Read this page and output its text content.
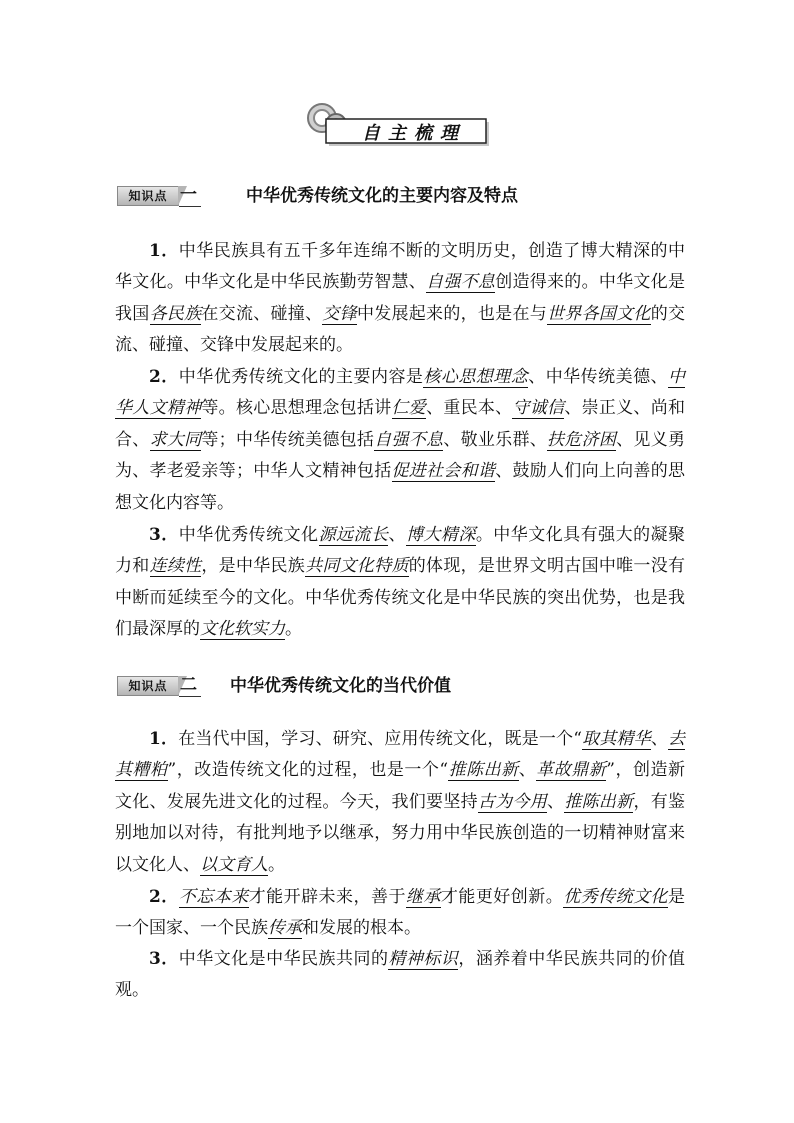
自主梳理
知识点 一	中华优秀传统文化的主要内容及特点

1．中华民族具有五千多年连绵不断的文明历史，创造了博大精深的中华文化。中华文化是中华民族勤劳智慧、自强不息创造得来的。中华文化是我国各民族在交流、碰撞、交锋中发展起来的，也是在与世界各国文化的交流、碰撞、交锋中发展起来的。

2．中华优秀传统文化的主要内容是核心思想理念、中华传统美德、中华人文精神等。核心思想理念包括讲仁爱、重民本、守诚信、崇正义、尚和合、求大同等；中华传统美德包括自强不息、敬业乐群、扶危济困、见义勇为、孝老爱亲等；中华人文精神包括促进社会和谐、鼓励人们向上向善的思想文化内容等。

3．中华优秀传统文化源远流长、博大精深。中华文化具有强大的凝聚力和连续性，是中华民族共同文化特质的体现，是世界文明古国中唯一没有中断而延续至今的文化。中华优秀传统文化是中华民族的突出优势，也是我们最深厚的文化软实力。

知识点 二 中华优秀传统文化的当代价值

1．在当代中国，学习、研究、应用传统文化，既是一个“取其精华、去其糟粕”，改造传统文化的过程，也是一个“推陈出新、革故鼎新”，创造新文化、发展先进文化的过程。今天，我们要坚持古为今用、推陈出新，有鉴别地加以对待，有批判地予以继承，努力用中华民族创造的一切精神财富来以文化人、以文育人。

2．不忘本来才能开辟未来，善于继承才能更好创新。优秀传统文化是一个国家、一个民族传承和发展的根本。

3．中华文化是中华民族共同的精神标识，涵养着中华民族共同的价值观。
